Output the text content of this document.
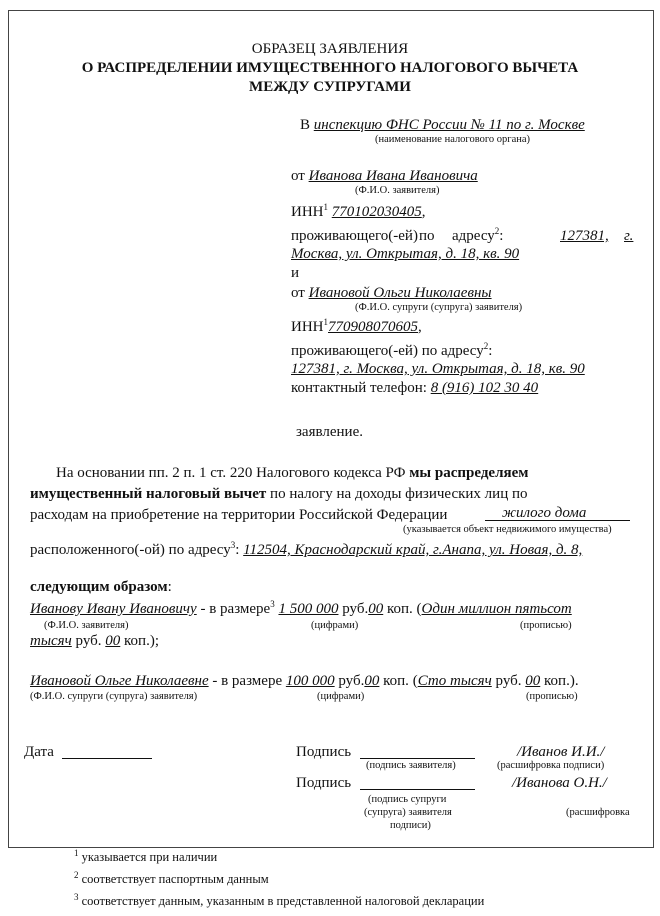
ОБРАЗЕЦ ЗАЯВЛЕНИЯ
О РАСПРЕДЕЛЕНИИ ИМУЩЕСТВЕННОГО НАЛОГОВОГО ВЫЧЕТА
МЕЖДУ СУПРУГАМИ
В инспекцию ФНС России № 11 по г. Москве
(наименование налогового органа)
от Иванова Ивана Ивановича
(Ф.И.О. заявителя)
ИНН$^1$ 770102030405,
проживающего(-ей) по адресу$^2$:	127381, г.
Москва, ул. Открытая, д. 18, кв. 90
и
от Ивановой Ольги Николаевны
(Ф.И.О. супруги (супруга) заявителя)
ИНН$^1$770908070605,
проживающего(-ей) по адресу$^2$:
127381, г. Москва, ул. Открытая, д. 18, кв. 90
контактный телефон: 8 (916) 102 30 40
заявление.
На основании пп. 2 п. 1 ст. 220 Налогового кодекса РФ мы распределяем
имущественный налоговый вычет по налогу на доходы физических лиц по
расходам на приобретение на территории Российской Федерации	жилого дома
(указывается объект недвижимого имущества)
расположенного(-ой) по адресу$^3$: 112504, Краснодарский край, г.Анапа, ул. Новая, д. 8,
следующим образом:
Иванову Ивану Ивановичу - в размере$^3$ 1 500 000 руб.00 коп. (Один миллион пятьсот
(Ф.И.О. заявителя)	(цифрами)	(прописью)
тысяч руб. 00 коп.);
Ивановой Ольге Николаевне - в размере 100 000 руб.00 коп. (Сто тысяч руб. 00 коп.).
(Ф.И.О. супруги (супруга) заявителя)	(цифрами)	(прописью)
Дата	Подпись	/Иванов И.И./
(подпись заявителя)	(расшифровка подписи)
Подпись	/Иванова О.Н./
(подпись супруги
(супруга) заявителя
подписи)
(расшифровка
$^1$ указывается при наличии
$^2$ соответствует паспортным данным
$^3$ соответствует данным, указанным в представленной налоговой декларации
